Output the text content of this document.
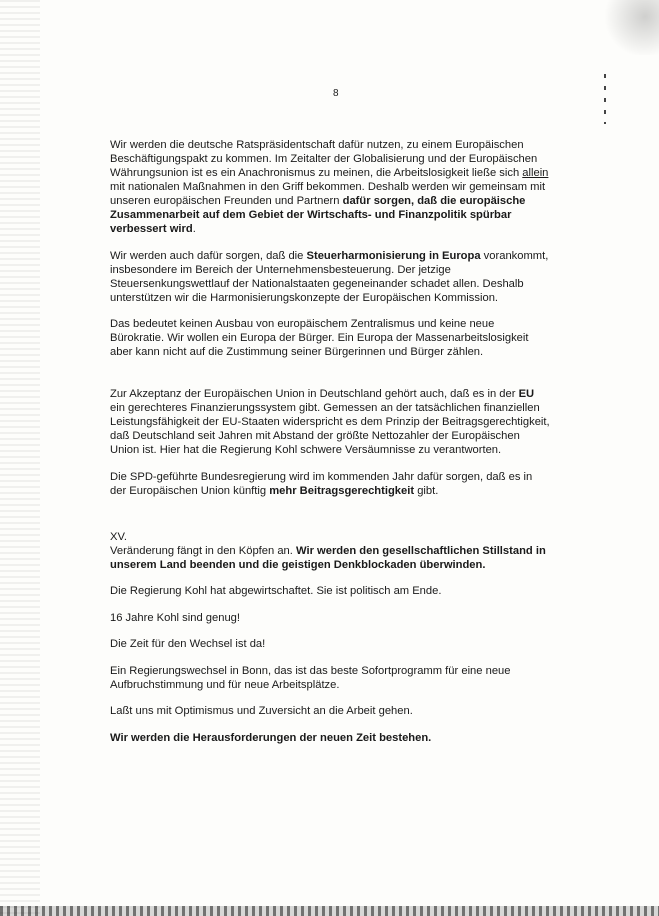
8

Wir werden die deutsche Ratspräsidentschaft dafür nutzen, zu einem Europäischen Beschäftigungspakt zu kommen. Im Zeitalter der Globalisierung und der Europäischen Währungsunion ist es ein Anachronismus zu meinen, die Arbeitslosigkeit ließe sich allein mit nationalen Maßnahmen in den Griff bekommen. Deshalb werden wir gemeinsam mit unseren europäischen Freunden und Partnern dafür sorgen, daß die europäische Zusammenarbeit auf dem Gebiet der Wirtschafts- und Finanzpolitik spürbar verbessert wird.

Wir werden auch dafür sorgen, daß die Steuerharmonisierung in Europa vorankommt, insbesondere im Bereich der Unternehmensbesteuerung. Der jetzige Steuersenkungswettlauf der Nationalstaaten gegeneinander schadet allen. Deshalb unterstützen wir die Harmonisierungskonzepte der Europäischen Kommission.

Das bedeutet keinen Ausbau von europäischem Zentralismus und keine neue Bürokratie. Wir wollen ein Europa der Bürger. Ein Europa der Massenarbeitslosigkeit aber kann nicht auf die Zustimmung seiner Bürgerinnen und Bürger zählen.

Zur Akzeptanz der Europäischen Union in Deutschland gehört auch, daß es in der EU ein gerechteres Finanzierungssystem gibt. Gemessen an der tatsächlichen finanziellen Leistungsfähigkeit der EU-Staaten widerspricht es dem Prinzip der Beitragsgerechtigkeit, daß Deutschland seit Jahren mit Abstand der größte Nettozahler der Europäischen Union ist. Hier hat die Regierung Kohl schwere Versäumnisse zu verantworten.

Die SPD-geführte Bundesregierung wird im kommenden Jahr dafür sorgen, daß es in der Europäischen Union künftig mehr Beitragsgerechtigkeit gibt.

XV.
Veränderung fängt in den Köpfen an. Wir werden den gesellschaftlichen Stillstand in unserem Land beenden und die geistigen Denkblockaden überwinden.

Die Regierung Kohl hat abgewirtschaftet. Sie ist politisch am Ende.

16 Jahre Kohl sind genug!

Die Zeit für den Wechsel ist da!

Ein Regierungswechsel in Bonn, das ist das beste Sofortprogramm für eine neue Aufbruchstimmung und für neue Arbeitsplätze.

Laßt uns mit Optimismus und Zuversicht an die Arbeit gehen.

Wir werden die Herausforderungen der neuen Zeit bestehen.
